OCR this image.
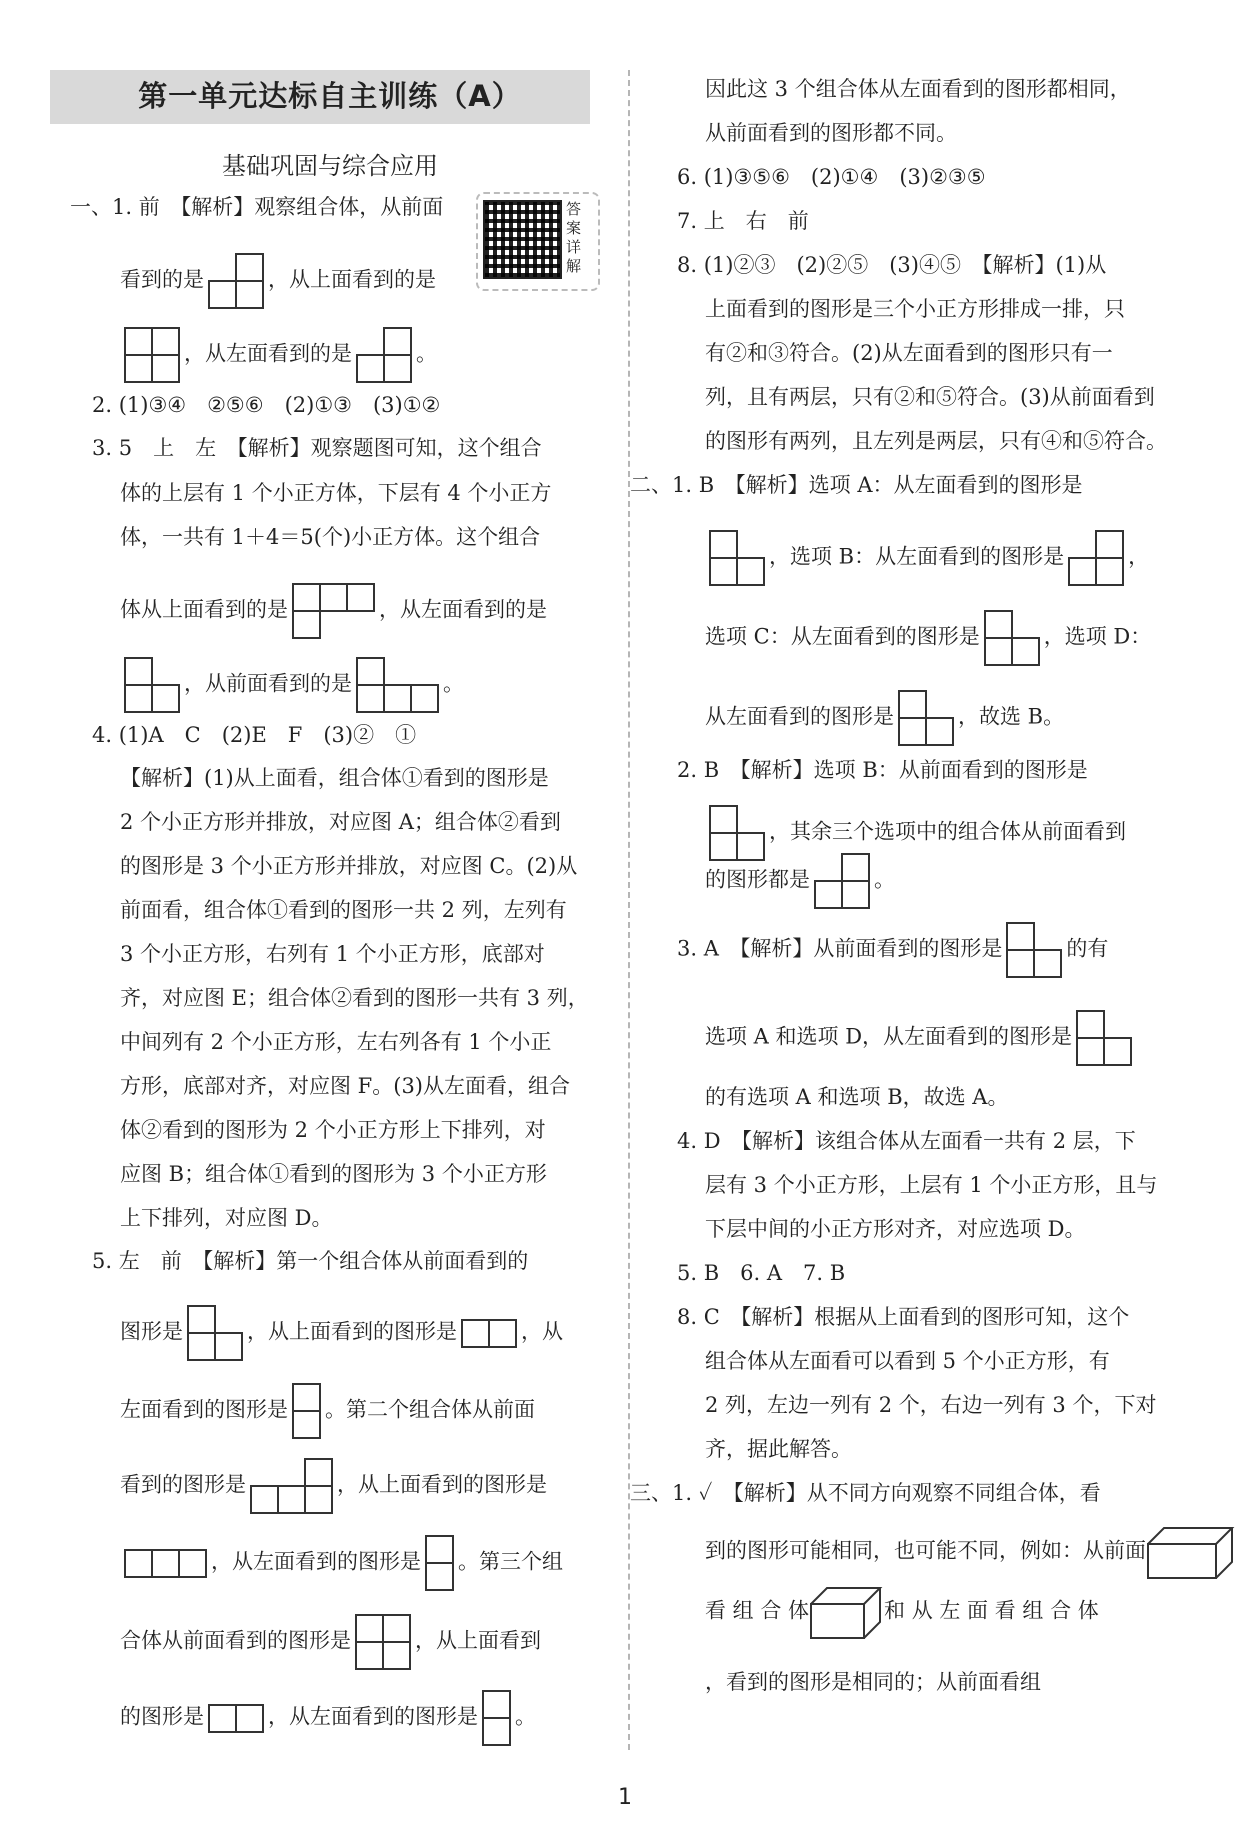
第一单元达标自主训练（A）
基础巩固与综合应用
答案详解
一、1. 前　【解析】观察组合体，从前面
看到的是	
		，从上面看到的是

	，从左面看到的是	
		。
2. (1)③④　②⑤⑥　(2)①③　(3)①②
3. 5　上　左　【解析】观察题图可知，这个组合
体的上层有 1 个小正方体，下层有 4 个小正方
体，一共有 1＋4＝5(个)小正方体。这个组合
体从上面看到的是		
			，从左面看到的是

	，从前面看到的是		
			。
4. (1)A　C　(2)E　F　(3)②　①
【解析】(1)从上面看，组合体①看到的图形是
2 个小正方形并排放，对应图 A；组合体②看到
的图形是 3 个小正方形并排放，对应图 C。(2)从
前面看，组合体①看到的图形一共 2 列，左列有
3 个小正方形，右列有 1 个小正方形，底部对
齐，对应图 E；组合体②看到的图形一共有 3 列，
中间列有 2 个小正方形，左右列各有 1 个小正
方形，底部对齐，对应图 F。(3)从左面看，组合
体②看到的图形为 2 个小正方形上下排列，对
应图 B；组合体①看到的图形为 3 个小正方形
上下排列，对应图 D。
5. 左　前　【解析】第一个组合体从前面看到的
图形是	
		，从上面看到的图形是		，从
左面看到的图形是 。第二个组合体从前面
看到的图形是		
			，从上面看到的图形是
		，从左面看到的图形是 。第三个组
合体从前面看到的图形是	
		，从上面看到
的图形是		，从左面看到的图形是 。
因此这 3 个组合体从左面看到的图形都相同，
从前面看到的图形都不同。
6. (1)③⑤⑥　(2)①④　(3)②③⑤
7. 上　右　前
8. (1)②③　(2)②⑤　(3)④⑤　【解析】(1)从
上面看到的图形是三个小正方形排成一排，只
有②和③符合。(2)从左面看到的图形只有一
列，且有两层，只有②和⑤符合。(3)从前面看到
的图形有两列，且左列是两层，只有④和⑤符合。
二、1. B　【解析】选项 A：从左面看到的图形是

	，选项 B：从左面看到的图形是	
		，
选项 C：从左面看到的图形是	
		，选项 D：
从左面看到的图形是	
		，故选 B。
2. B　【解析】选项 B：从前面看到的图形是

	，其余三个选项中的组合体从前面看到
的图形都是	
		。
3. A　【解析】从前面看到的图形是	
		的有
选项 A 和选项 D，从左面看到的图形是	

的有选项 A 和选项 B，故选 A。
4. D　【解析】该组合体从左面看一共有 2 层，下
层有 3 个小正方形，上层有 1 个小正方形，且与
下层中间的小正方形对齐，对应选项 D。
5. B　6. A　7. B
8. C　【解析】根据从上面看到的图形可知，这个
组合体从左面看可以看到 5 个小正方形，有
2 列，左边一列有 2 个，右边一列有 3 个，下对
齐，据此解答。
三、1. ✓　【解析】从不同方向观察不同组合体，看
到的图形可能相同，也可能不同，例如：从前面
看 组 合 体	和 从 左 面 看 组 合 体
，看到的图形是相同的；从前面看组
1
